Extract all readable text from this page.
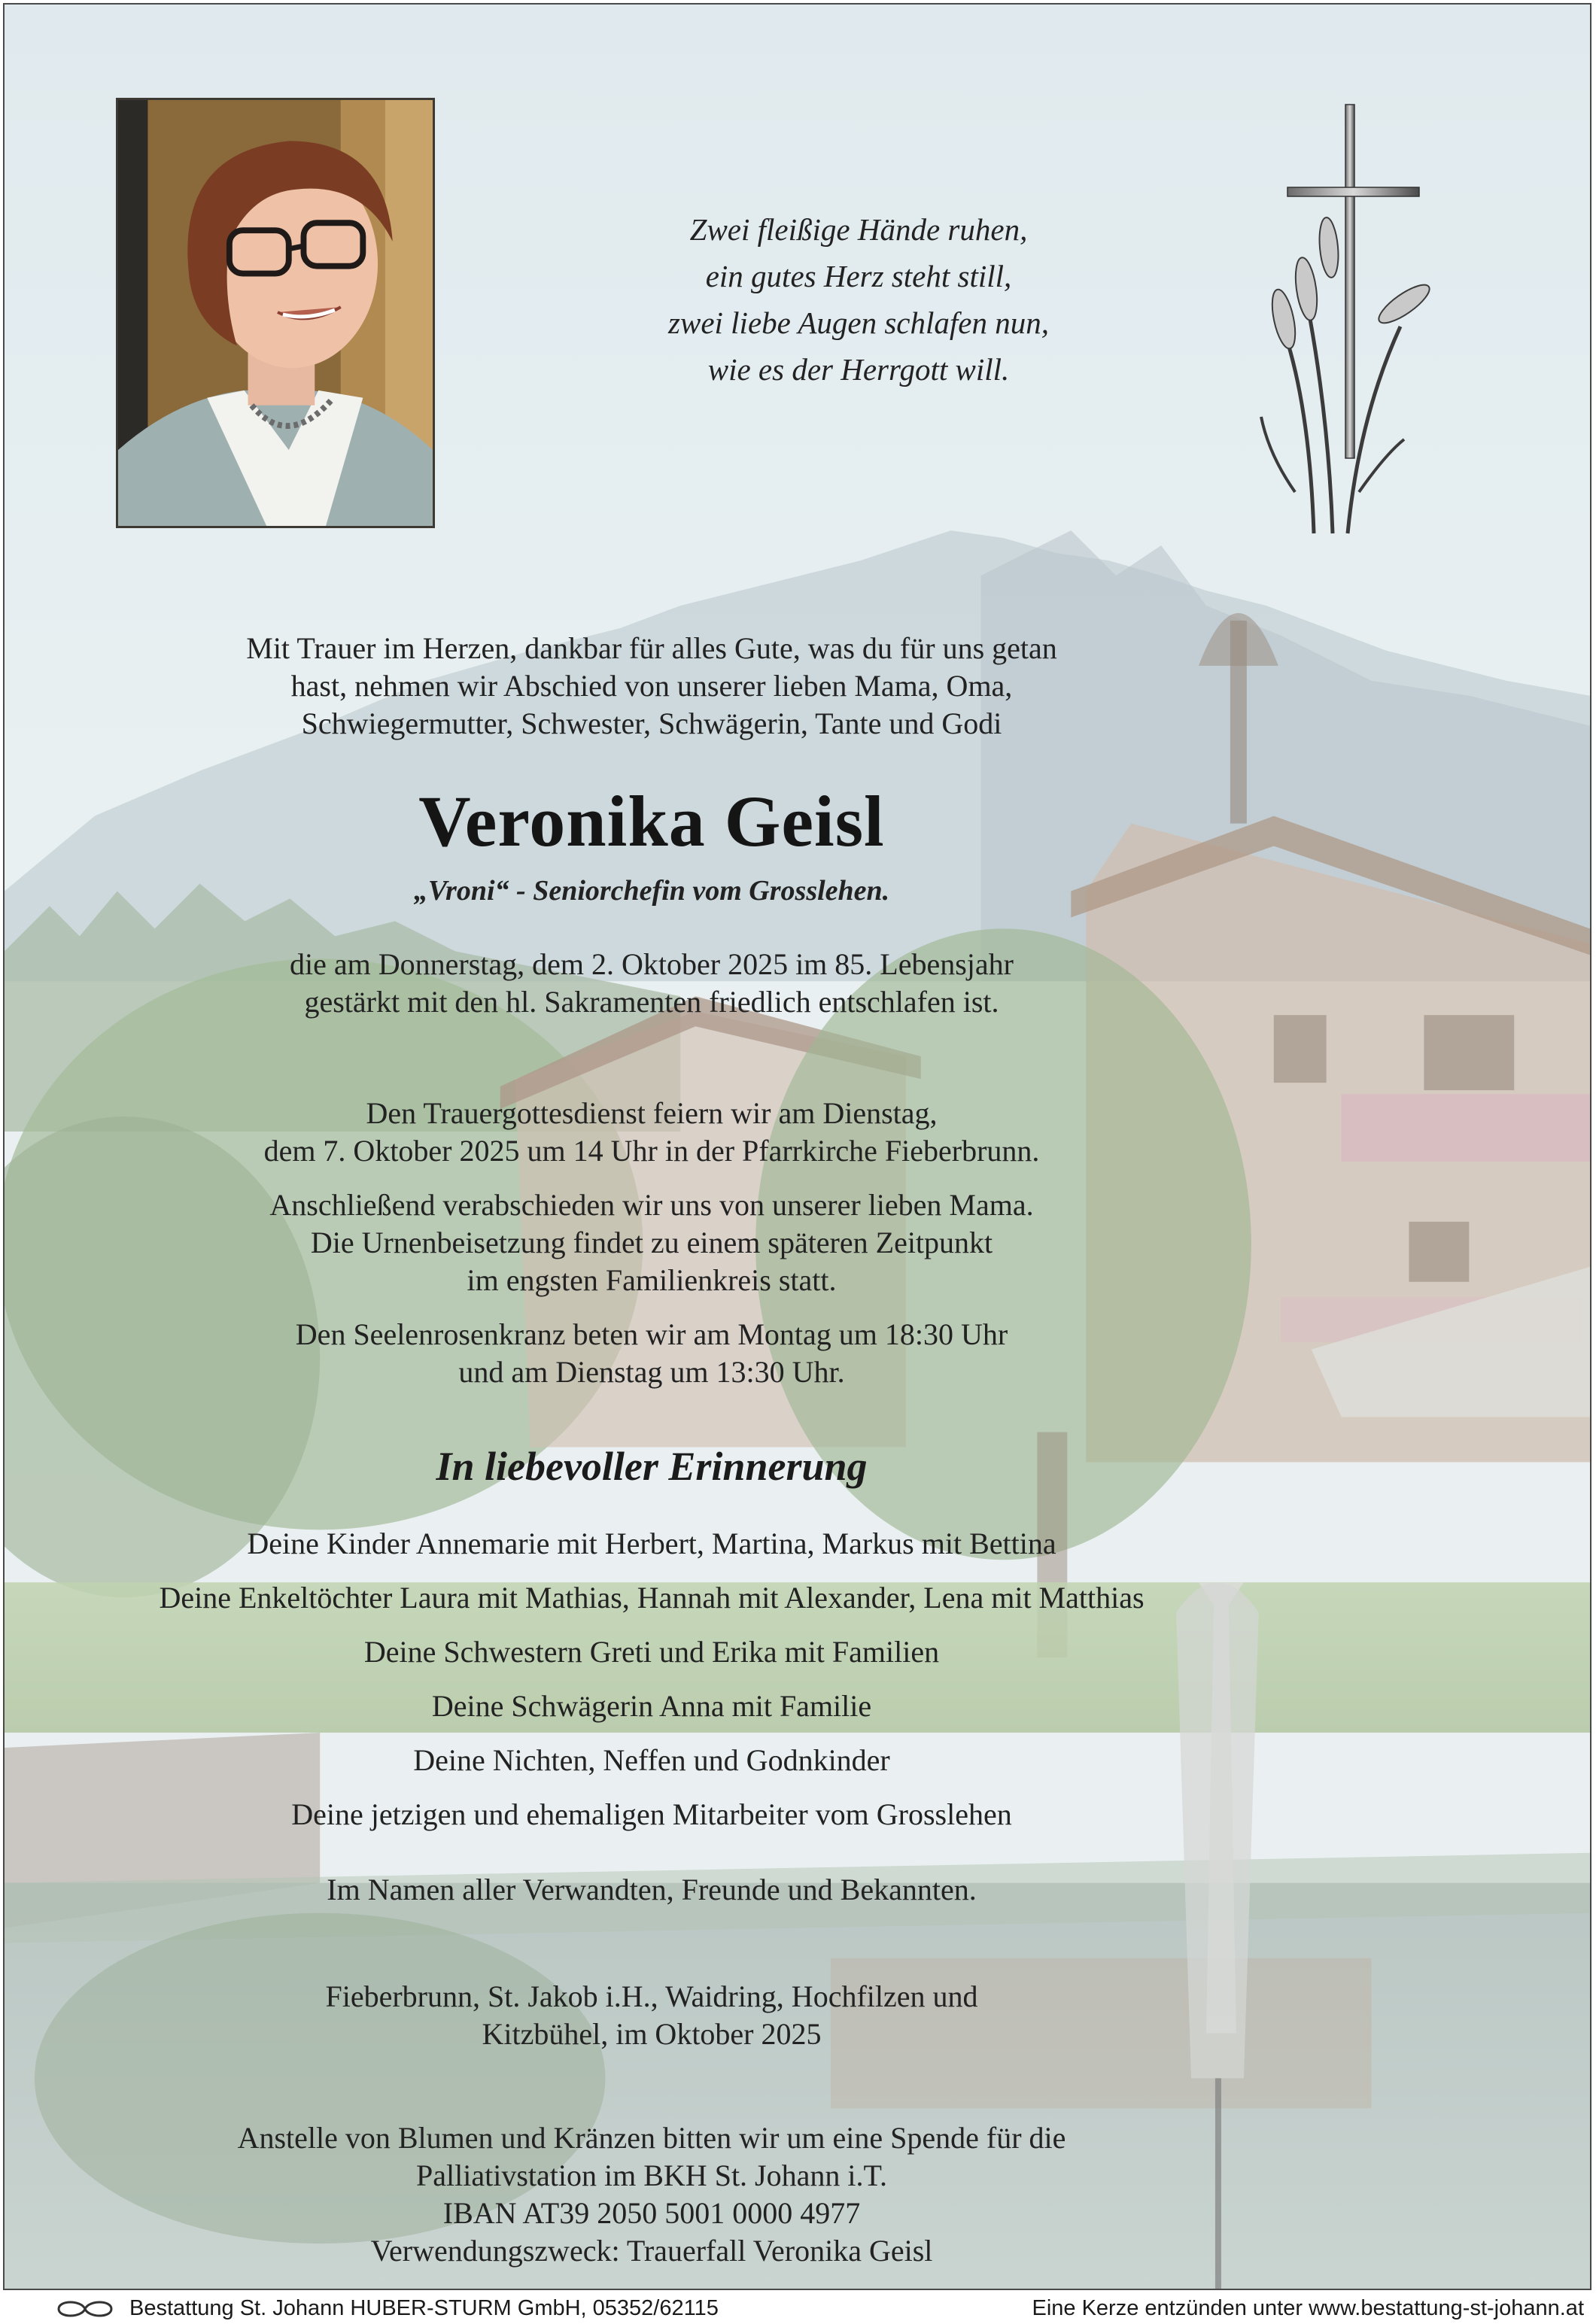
Zwei fleißige Hände ruhen,
ein gutes Herz steht still,
zwei liebe Augen schlafen nun,
wie es der Herrgott will.
Mit Trauer im Herzen, dankbar für alles Gute, was du für uns getan
hast, nehmen wir Abschied von unserer lieben Mama, Oma,
Schwiegermutter, Schwester, Schwägerin, Tante und Godi
Veronika Geisl
„Vroni“ - Seniorchefin vom Grosslehen.
die am Donnerstag, dem 2. Oktober 2025 im 85. Lebensjahr
gestärkt mit den hl. Sakramenten friedlich entschlafen ist.
Den Trauergottesdienst feiern wir am Dienstag,
dem 7. Oktober 2025 um 14 Uhr in der Pfarrkirche Fieberbrunn.
Anschließend verabschieden wir uns von unserer lieben Mama.
Die Urnenbeisetzung findet zu einem späteren Zeitpunkt
im engsten Familienkreis statt.
Den Seelenrosenkranz beten wir am Montag um 18:30 Uhr
und am Dienstag um 13:30 Uhr.
In liebevoller Erinnerung
Deine Kinder Annemarie mit Herbert, Martina, Markus mit Bettina
Deine Enkeltöchter Laura mit Mathias, Hannah mit Alexander, Lena mit Matthias
Deine Schwestern Greti und Erika mit Familien
Deine Schwägerin Anna mit Familie
Deine Nichten, Neffen und Godnkinder
Deine jetzigen und ehemaligen Mitarbeiter vom Grosslehen
Im Namen aller Verwandten, Freunde und Bekannten.
Fieberbrunn, St. Jakob i.H., Waidring, Hochfilzen und
Kitzbühel, im Oktober 2025
Anstelle von Blumen und Kränzen bitten wir um eine Spende für die
Palliativstation im BKH St. Johann i.T.
IBAN AT39 2050 5001 0000 4977
Verwendungszweck: Trauerfall Veronika Geisl
Bestattung St. Johann HUBER-STURM GmbH, 05352/62115	Eine Kerze entzünden unter www.bestattung-st-johann.at
